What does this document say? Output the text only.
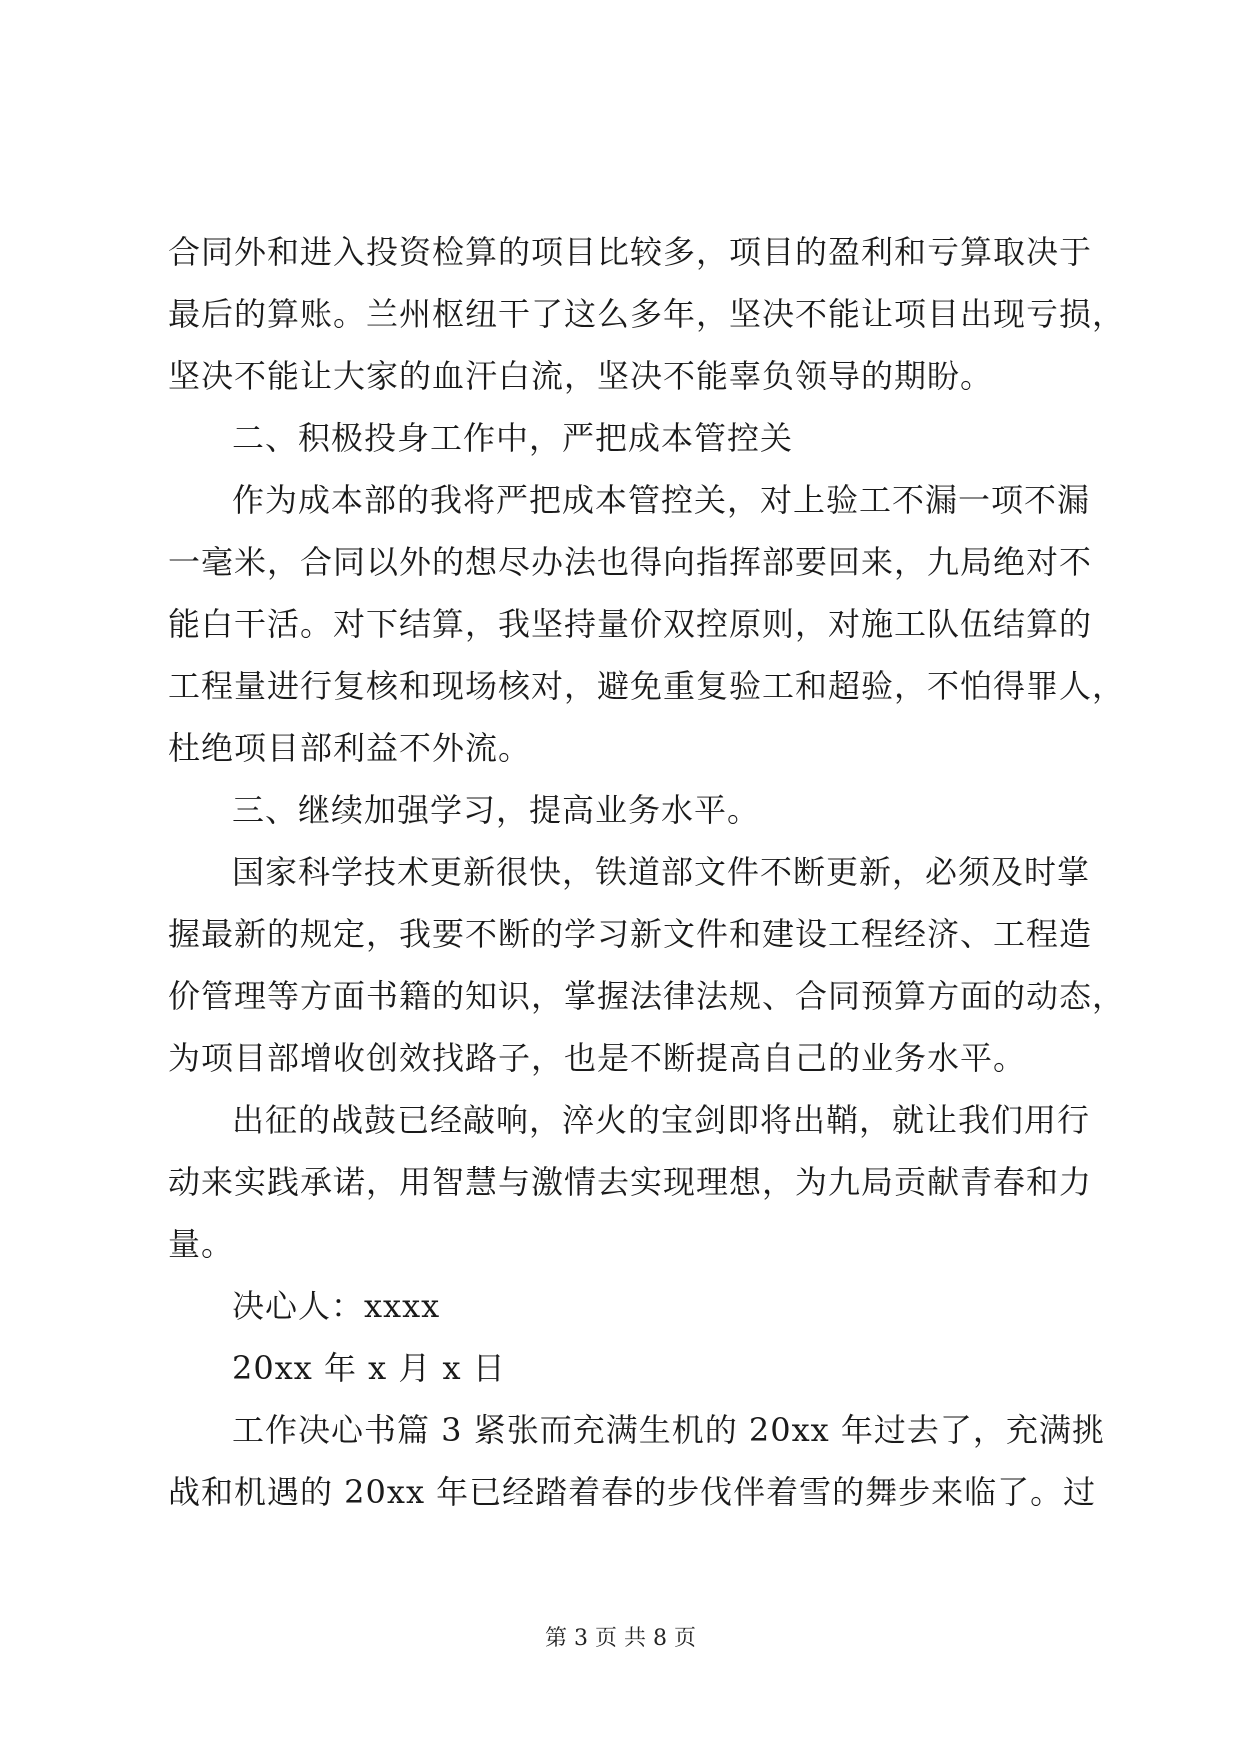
合同外和进入投资检算的项目比较多，项目的盈利和亏算取决于
最后的算账。兰州枢纽干了这么多年，坚决不能让项目出现亏损，
坚决不能让大家的血汗白流，坚决不能辜负领导的期盼。
二、积极投身工作中，严把成本管控关
作为成本部的我将严把成本管控关，对上验工不漏一项不漏
一毫米，合同以外的想尽办法也得向指挥部要回来，九局绝对不
能白干活。对下结算，我坚持量价双控原则，对施工队伍结算的
工程量进行复核和现场核对，避免重复验工和超验，不怕得罪人，
杜绝项目部利益不外流。
三、继续加强学习，提高业务水平。
国家科学技术更新很快，铁道部文件不断更新，必须及时掌
握最新的规定，我要不断的学习新文件和建设工程经济、工程造
价管理等方面书籍的知识，掌握法律法规、合同预算方面的动态，
为项目部增收创效找路子，也是不断提高自己的业务水平。
出征的战鼓已经敲响，淬火的宝剑即将出鞘，就让我们用行
动来实践承诺，用智慧与激情去实现理想，为九局贡献青春和力
量。
决心人：xxxx
20xx 年 x 月 x 日
工作决心书篇 3 紧张而充满生机的 20xx 年过去了，充满挑
战和机遇的 20xx 年已经踏着春的步伐伴着雪的舞步来临了。过
第 3 页 共 8 页
